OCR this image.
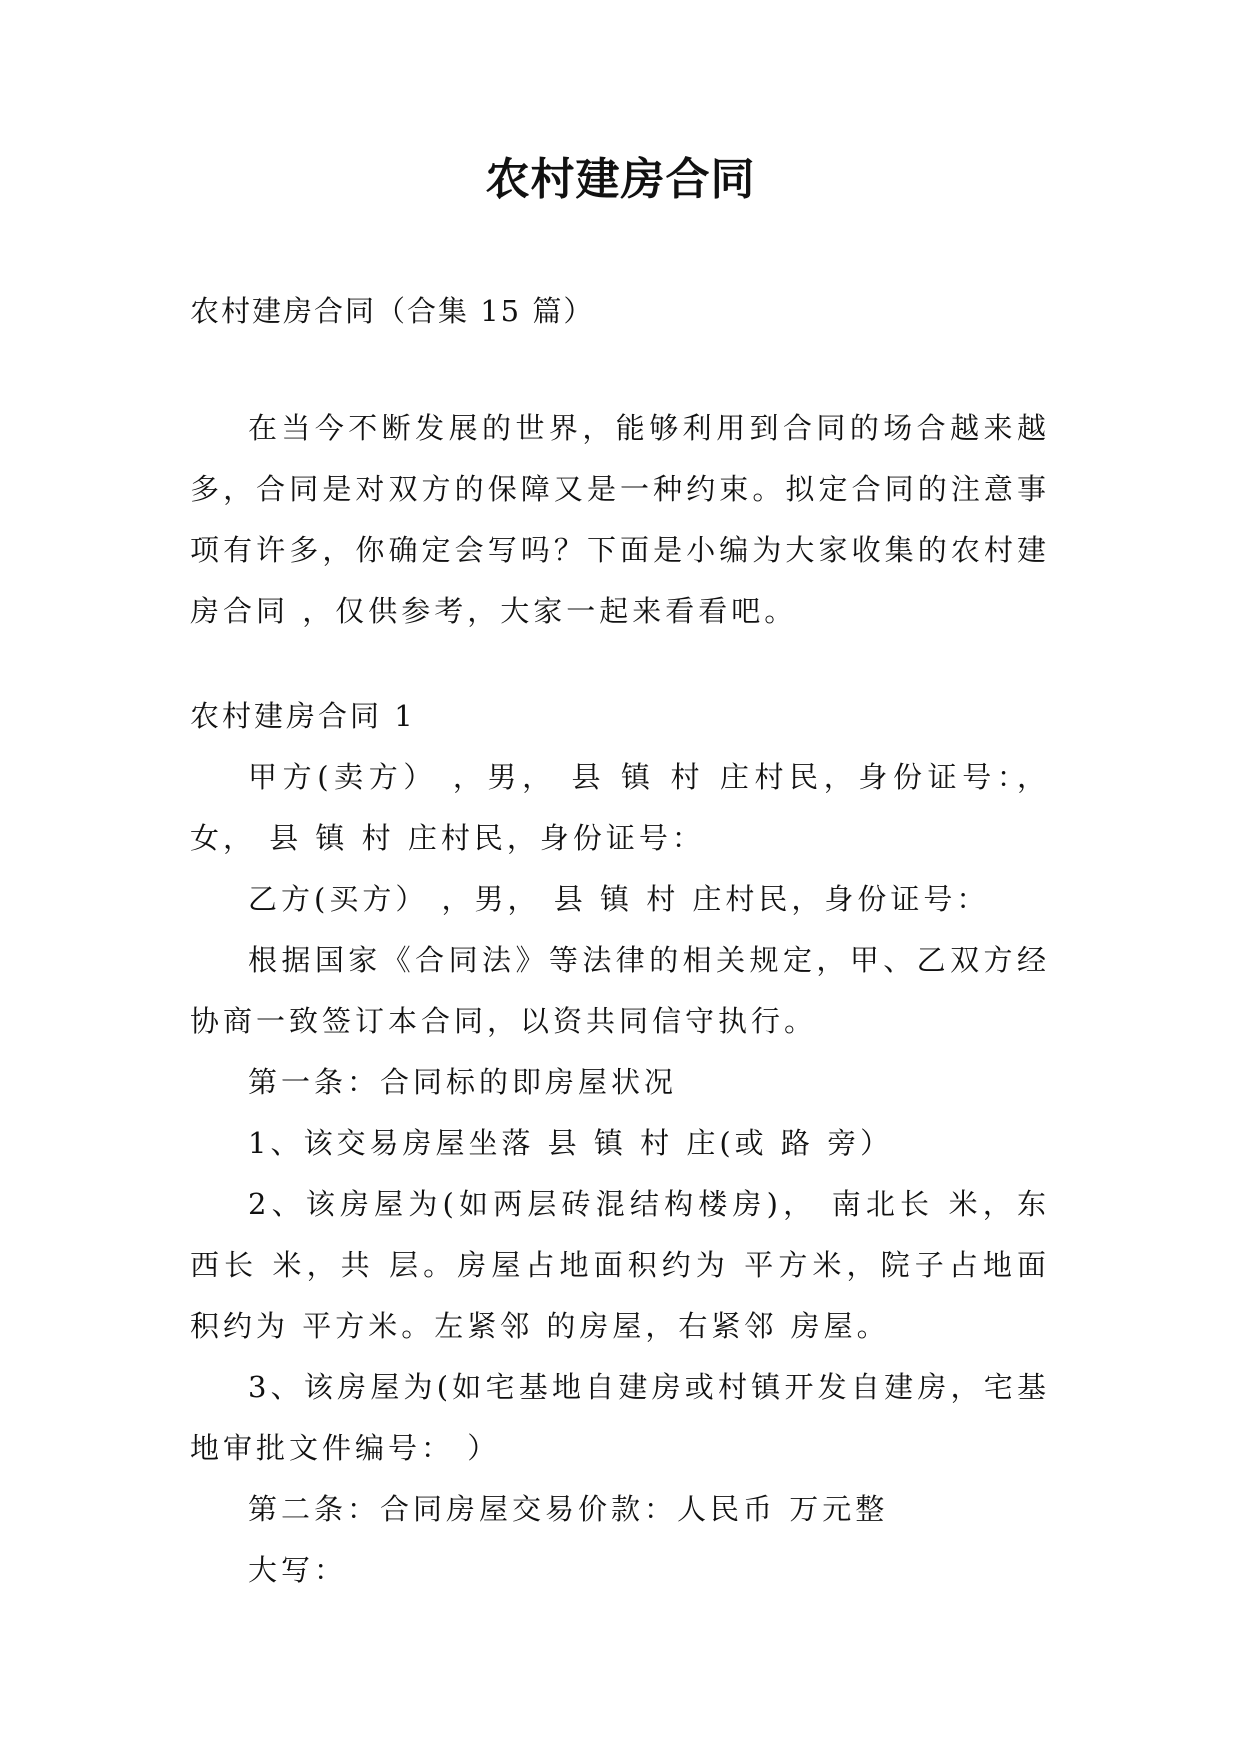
农村建房合同
农村建房合同（合集 15 篇）

在当今不断发展的世界，能够利用到合同的场合越来越多，合同是对双方的保障又是一种约束。拟定合同的注意事项有许多，你确定会写吗？下面是小编为大家收集的农村建房合同 ，仅供参考，大家一起来看看吧。

农村建房合同 1

甲方(卖方） ，男， 县 镇 村 庄村民，身份证号：，女， 县 镇 村 庄村民，身份证号：

乙方(买方） ，男， 县 镇 村 庄村民，身份证号：

根据国家《合同法》等法律的相关规定，甲、乙双方经协商一致签订本合同，以资共同信守执行。

第一条：合同标的即房屋状况

1、该交易房屋坐落 县 镇 村 庄(或 路 旁）

2、该房屋为(如两层砖混结构楼房)， 南北长 米，东西长 米，共 层。房屋占地面积约为 平方米，院子占地面积约为 平方米。左紧邻 的房屋，右紧邻 房屋。

3、该房屋为(如宅基地自建房或村镇开发自建房，宅基地审批文件编号： ）

第二条：合同房屋交易价款：人民币 万元整

大写：
